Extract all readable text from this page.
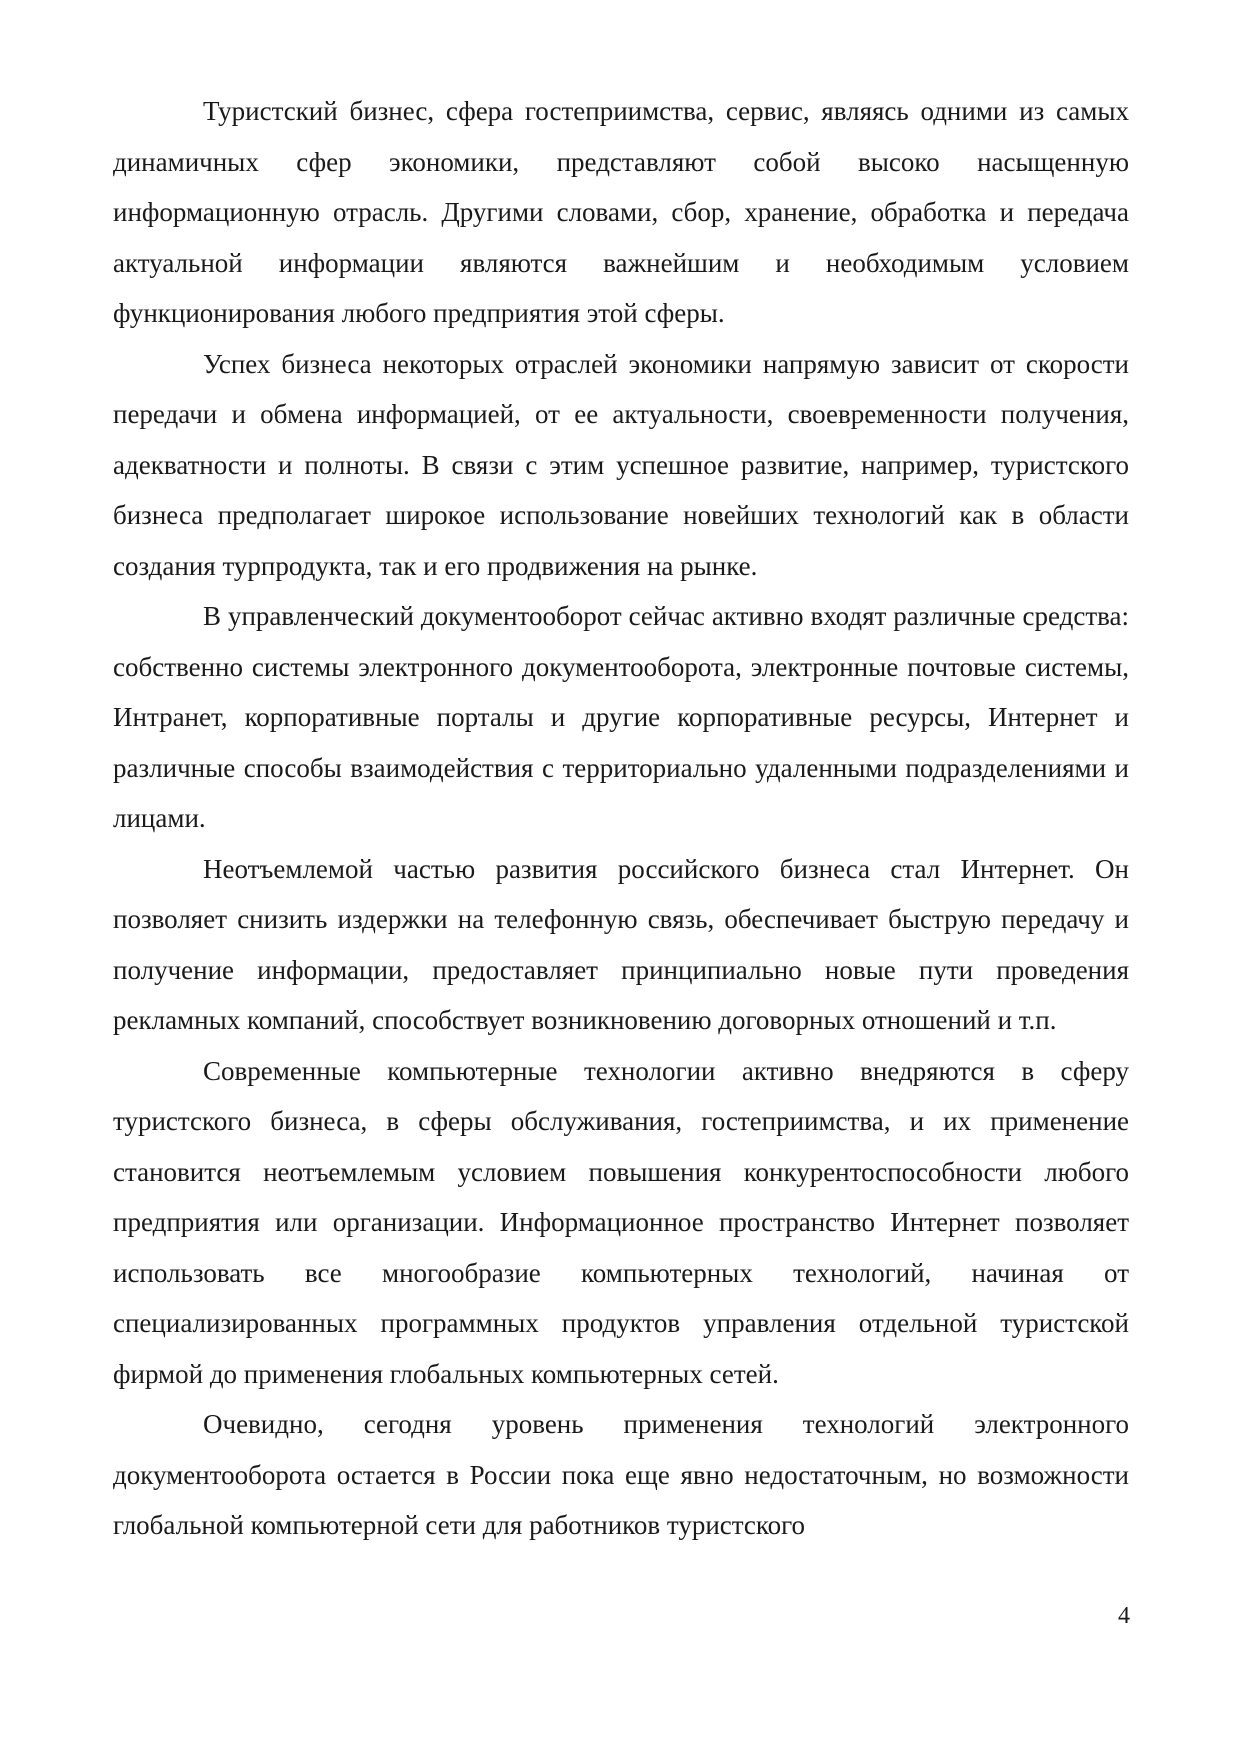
Туристский бизнес, сфера гостеприимства, сервис, являясь одними из самых динамичных сфер экономики, представляют собой высоко насыщенную информационную отрасль. Другими словами, сбор, хранение, обработка и передача актуальной информации являются важнейшим и необходимым условием функционирования любого предприятия этой сферы.

Успех бизнеса некоторых отраслей экономики напрямую зависит от скорости передачи и обмена информацией, от ее актуальности, своевременности получения, адекватности и полноты. В связи с этим успешное развитие, например, туристского бизнеса предполагает широкое использование новейших технологий как в области создания турпродукта, так и его продвижения на рынке.

В управленческий документооборот сейчас активно входят различные средства: собственно системы электронного документооборота, электронные почтовые системы, Интранет, корпоративные порталы и другие корпоративные ресурсы, Интернет и различные способы взаимодействия с территориально удаленными подразделениями и лицами.

Неотъемлемой частью развития российского бизнеса стал Интернет. Он позволяет снизить издержки на телефонную связь, обеспечивает быструю передачу и получение информации, предоставляет принципиально новые пути проведения рекламных компаний, способствует возникновению договорных отношений и т.п.

Современные компьютерные технологии активно внедряются в сферу туристского бизнеса, в сферы обслуживания, гостеприимства, и их применение становится неотъемлемым условием повышения конкурентоспособности любого предприятия или организации. Информационное пространство Интернет позволяет использовать все многообразие компьютерных технологий, начиная от специализированных программных продуктов управления отдельной туристской фирмой до применения глобальных компьютерных сетей.

Очевидно, сегодня уровень применения технологий электронного документооборота остается в России пока еще явно недостаточным, но возможности глобальной компьютерной сети для работников туристского

4
